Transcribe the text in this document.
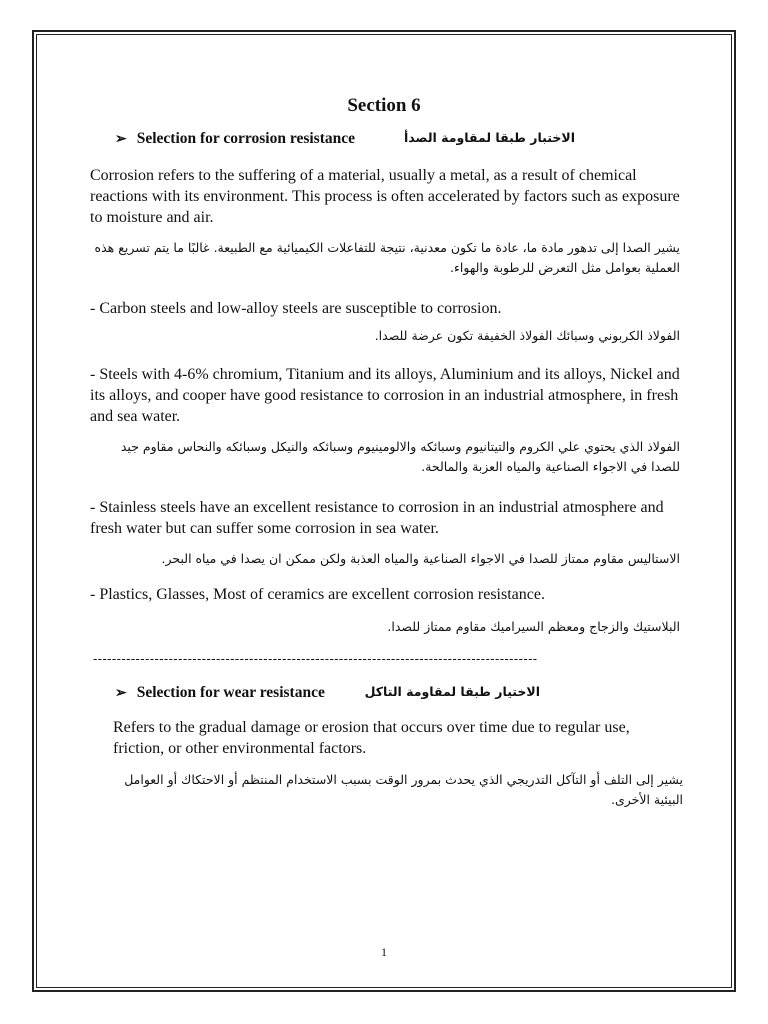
Section 6
➢ Selection for corrosion resistance	الاختبار طبقا لمقاومة الصدأ
Corrosion refers to the suffering of a material, usually a metal, as a result of chemical reactions with its environment. This process is often accelerated by factors such as exposure to moisture and air.
يشير الصدا إلى تدهور مادة ما، عادة ما تكون معدنية، نتيجة للتفاعلات الكيميائية مع الطبيعة. غالبًا ما يتم تسريع هذه العملية بعوامل مثل التعرض للرطوبة والهواء.
- Carbon steels and low-alloy steels are susceptible to corrosion.
الفولاذ الكربوني وسبائك الفولاذ الخفيفة تكون عرضة للصدا.
- Steels with 4-6% chromium, Titanium and its alloys, Aluminium and its alloys, Nickel and its alloys, and cooper have good resistance to corrosion in an industrial atmosphere, in fresh and sea water.
الفولاذ الذي يحتوي علي الكروم والتيتانيوم وسبائكه والالومينيوم وسبائكه والنيكل وسبائكه والنحاس مقاوم جيد للصدا في الاجواء الصناعية والمياه العزبة والمالحة.
- Stainless steels have an excellent resistance to corrosion in an industrial atmosphere and fresh water but can suffer some corrosion in sea water.
الاستاليس مقاوم ممتاز للصدا في الاجواء الصناعية والمياه العذبة ولكن ممكن ان يصدا في مياه البحر.
- Plastics, Glasses, Most of ceramics are excellent corrosion resistance.
البلاستيك والزجاج ومعظم السيراميك مقاوم ممتاز للصدا.
----------------------------------------------------------------------------------------------
➢ Selection for wear resistance	الاختيار طبقا لمقاومة التاكل
Refers to the gradual damage or erosion that occurs over time due to regular use, friction, or other environmental factors.
يشير إلى التلف أو التآكل التدريجي الذي يحدث بمرور الوقت بسبب الاستخدام المنتظم أو الاحتكاك أو العوامل البيئية الأخرى.
1
